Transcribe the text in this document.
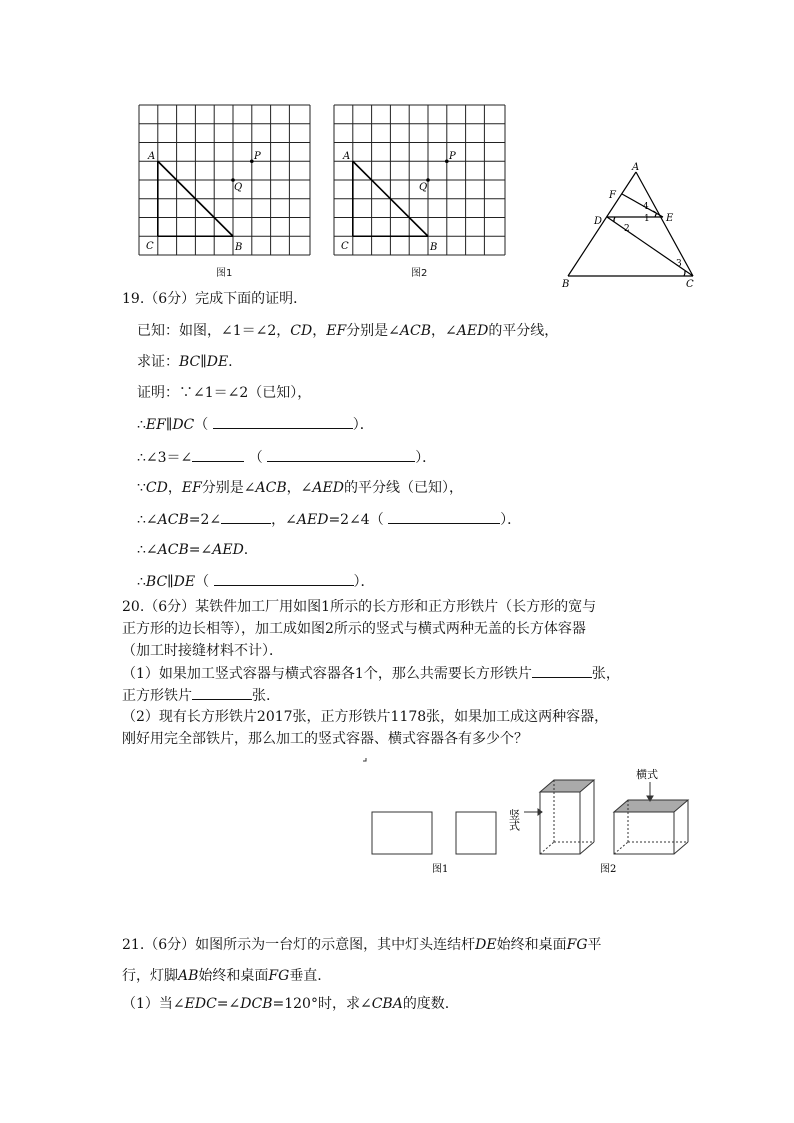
A	P
Q
C	B
图1
A	P
Q
C	B
图2
A
F
D	E
B	C
4
1
2
3
19.（6分）完成下面的证明．
已知：如图，∠1＝∠2，CD，EF分别是∠ACB，∠AED的平分线，
求证：BC∥DE.
证明：∵∠1＝∠2（已知），
∴EF∥DC（	）．
∴∠3＝∠	（	）．
∵CD，EF分别是∠ACB，∠AED的平分线（已知），
∴∠ACB=2∠	，∠AED=2∠4（	）．
∴∠ACB=∠AED.
∴BC∥DE（	）．
20.（6分）某铁件加工厂用如图1所示的长方形和正方形铁片（长方形的宽与
正方形的边长相等），加工成如图2所示的竖式与横式两种无盖的长方体容器
（加工时接缝材料不计）．
（1）如果加工竖式容器与横式容器各1个，那么共需要长方形铁片	张，
正方形铁片	张.
（2）现有长方形铁片2017张，正方形铁片1178张，如果加工成这两种容器，
刚好用完全部铁片，那么加工的竖式容器、横式容器各有多少个？
横式
竖式
图1	图2
21.（6分）如图所示为一台灯的示意图，其中灯头连结杆DE始终和桌面FG平
行，灯脚AB始终和桌面FG垂直.
（1）当∠EDC=∠DCB=120°时，求∠CBA的度数.
